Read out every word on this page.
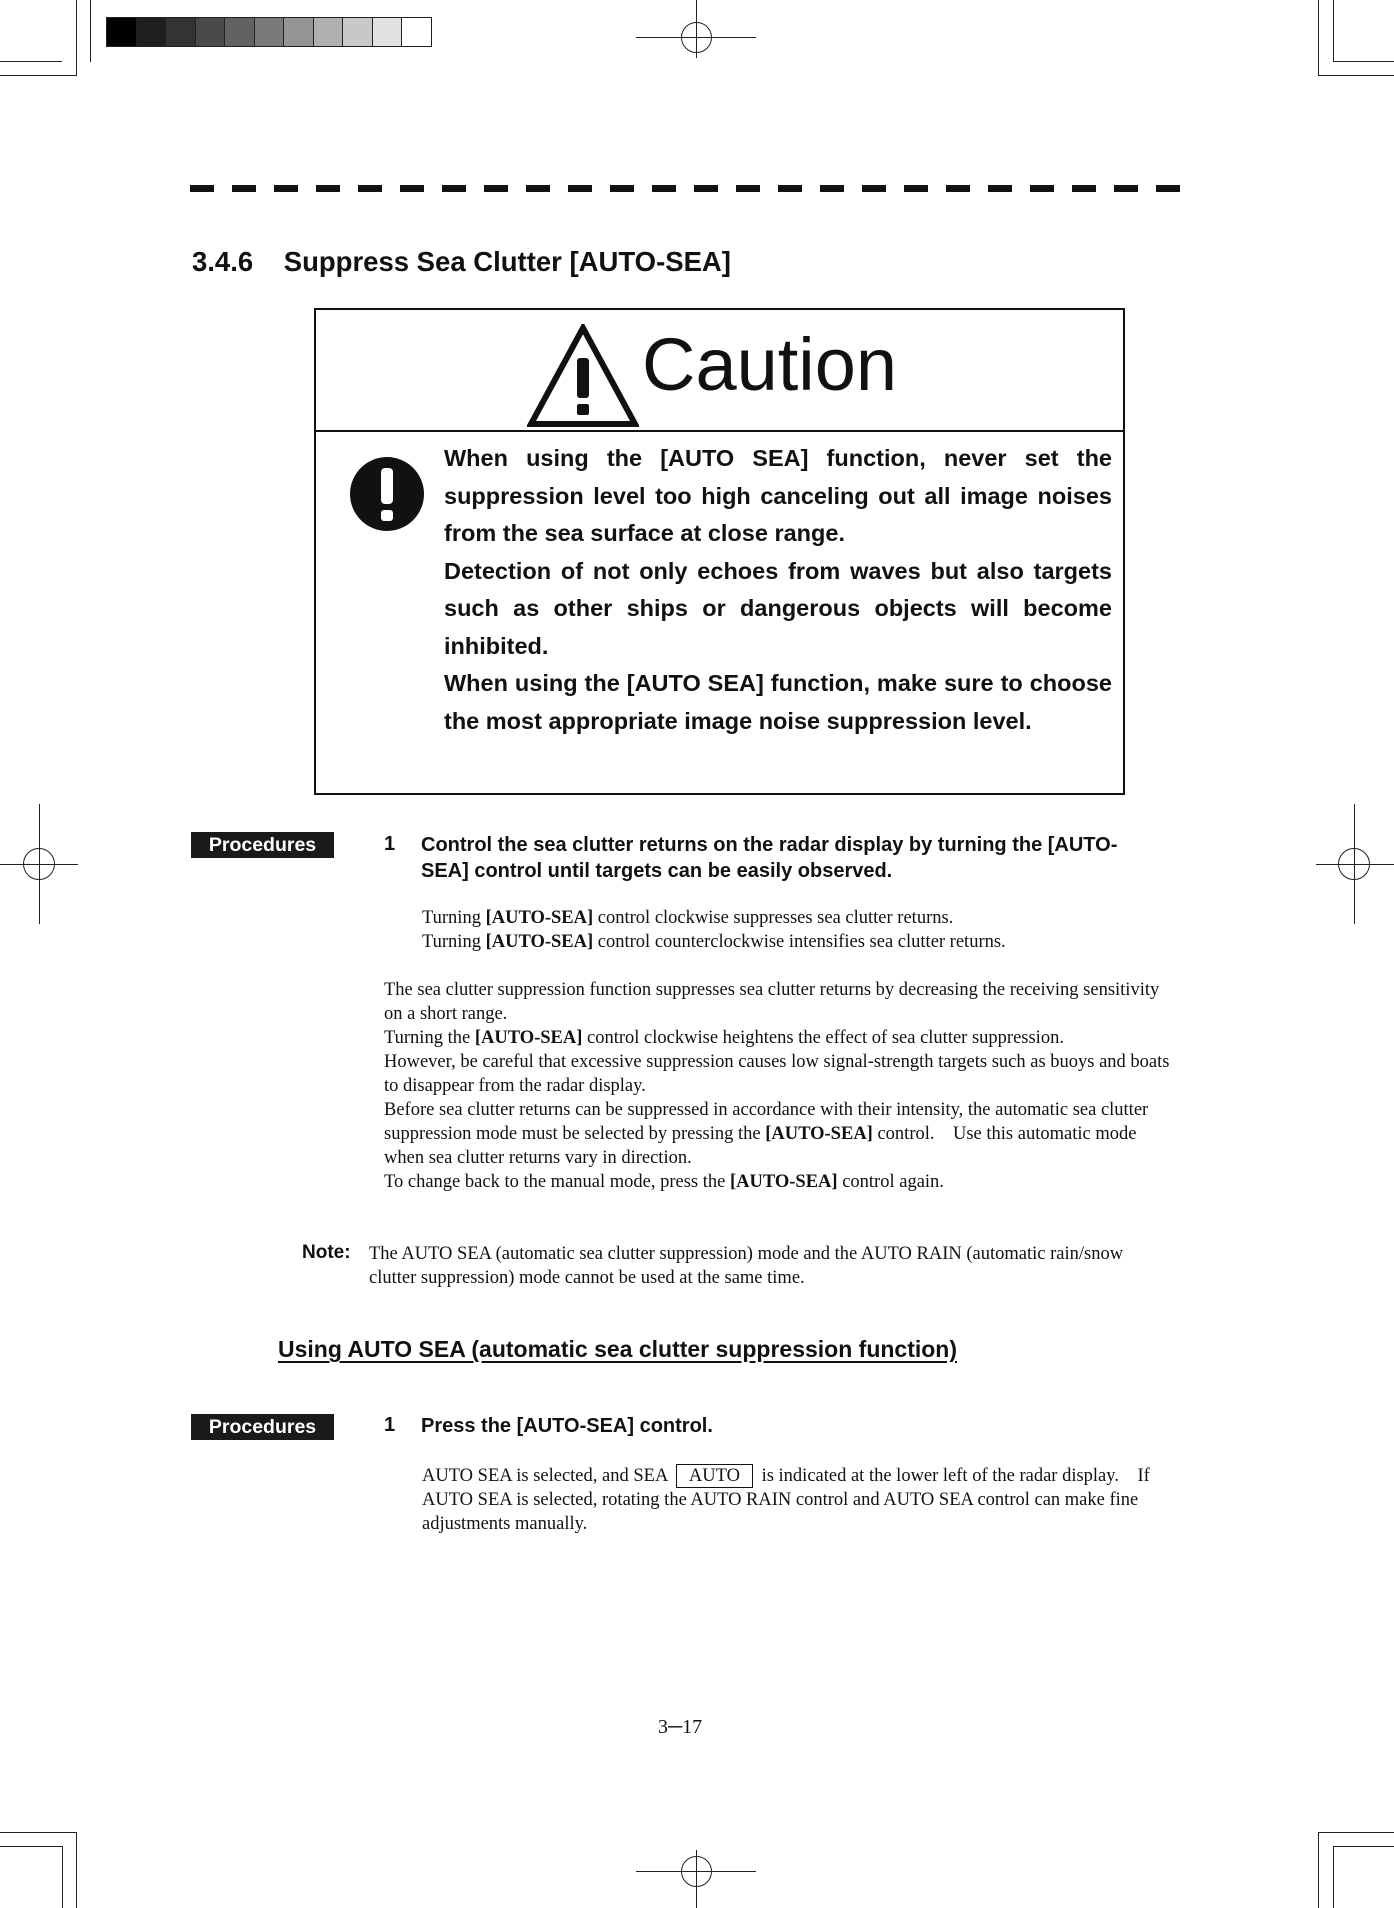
3.4.6    Suppress Sea Clutter [AUTO-SEA]
Caution

When using the [AUTO SEA] function, never set the suppression level too high canceling out all image noises from the sea surface at close range.

Detection of not only echoes from waves but also targets such as other ships or dangerous objects will become inhibited.

When using the [AUTO SEA] function, make sure to choose the most appropriate image noise suppression level.

Procedures	1 Control the sea clutter returns on the radar display by turning the [AUTO-SEA] control until targets can be easily observed.

Turning [AUTO-SEA] control clockwise suppresses sea clutter returns.

Turning [AUTO-SEA] control counterclockwise intensifies sea clutter returns.

The sea clutter suppression function suppresses sea clutter returns by decreasing the receiving sensitivity on a short range.

Turning the [AUTO-SEA] control clockwise heightens the effect of sea clutter suppression.

However, be careful that excessive suppression causes low signal-strength targets such as buoys and boats to disappear from the radar display.

Before sea clutter returns can be suppressed in accordance with their intensity, the automatic sea clutter suppression mode must be selected by pressing the [AUTO-SEA] control.    Use this automatic mode when sea clutter returns vary in direction.

To change back to the manual mode, press the [AUTO-SEA] control again.

Note: The AUTO SEA (automatic sea clutter suppression) mode and the AUTO RAIN (automatic rain/snow clutter suppression) mode cannot be used at the same time.
Using AUTO SEA (automatic sea clutter suppression function)
Procedures	1 Press the [AUTO-SEA] control.
AUTO SEA is selected, and SEA AUTO is indicated at the lower left of the radar display.    If AUTO SEA is selected, rotating the AUTO RAIN control and AUTO SEA control can make fine adjustments manually.
3─17
